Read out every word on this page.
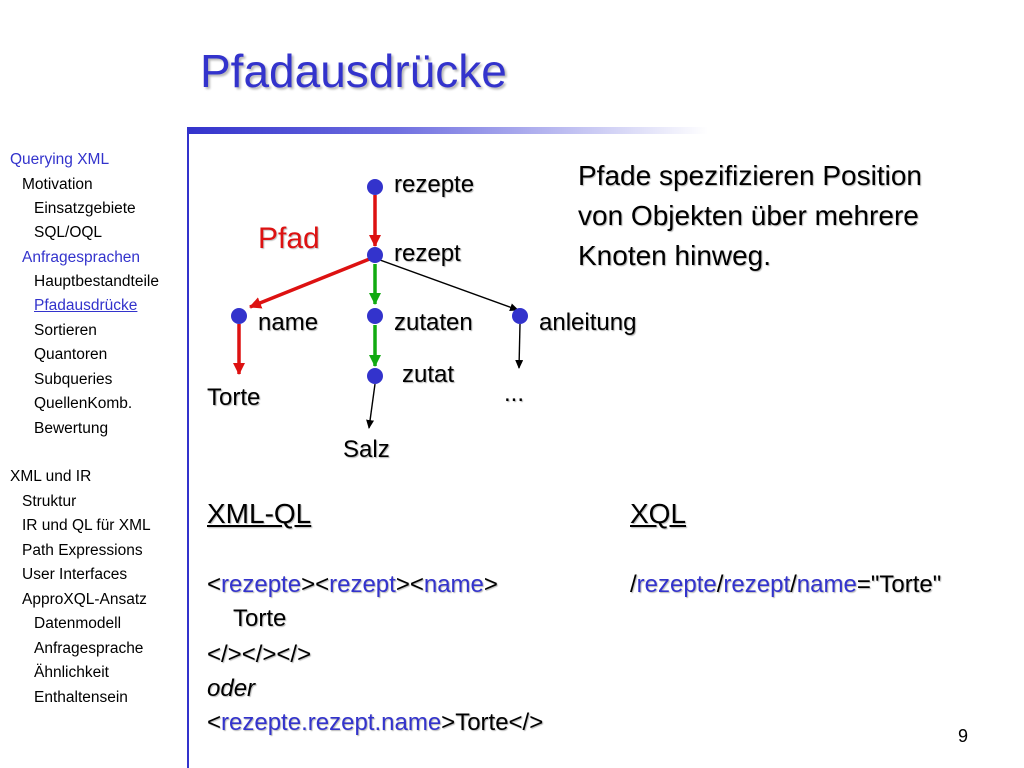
Pfadausdrücke
Querying XML
Motivation
Einsatzgebiete
SQL/OQL
Anfragesprachen
Hauptbestandteile
Pfadausdrücke
Sortieren
Quantoren
Subqueries
QuellenKomb.
Bewertung
XML und IR
Struktur
IR und QL für XML
Path Expressions
User Interfaces
ApproXQL-Ansatz
Datenmodell
Anfragesprache
Ähnlichkeit
Enthaltensein
Pfad
rezepte
rezept
name	zutaten	anleitung
zutat
Torte
Salz
...
Pfade spezifizieren Position
von Objekten über mehrere
Knoten hinweg.
XML-QL
<rezepte><rezept><name>
Torte
</></></>
oder
<rezepte.rezept.name>Torte</>
XQL
/rezepte/rezept/name="Torte"
9
